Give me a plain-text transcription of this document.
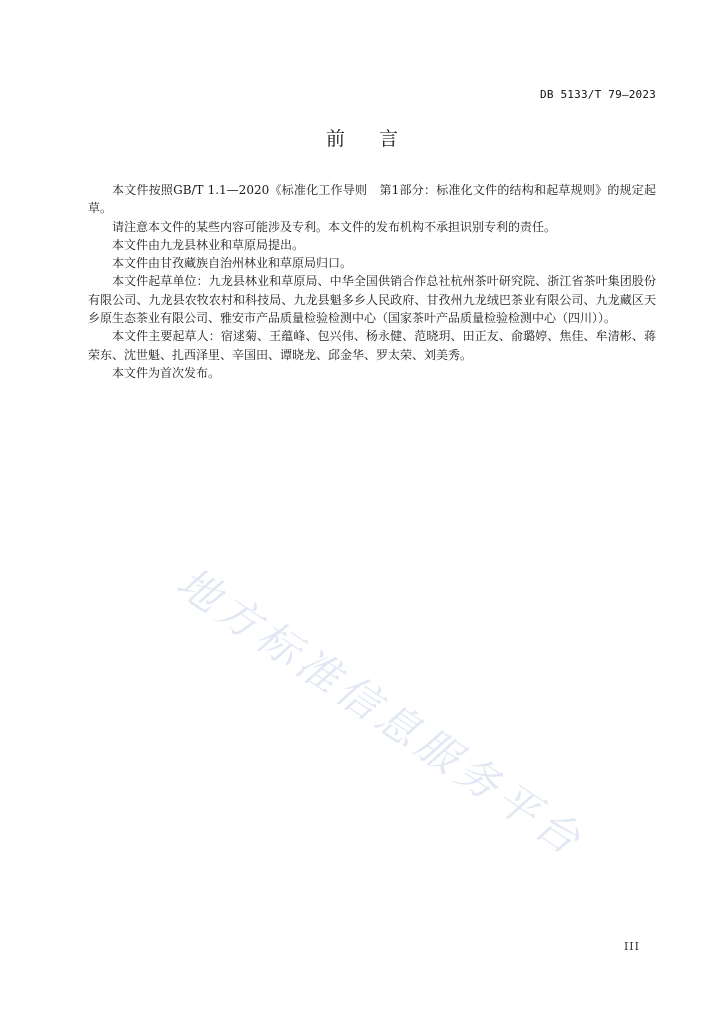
DB 5133/T 79—2023
前言

本文件按照GB/T 1.1—2020《标准化工作导则　第1部分：标准化文件的结构和起草规则》的规定起草。

请注意本文件的某些内容可能涉及专利。本文件的发布机构不承担识别专利的责任。

本文件由九龙县林业和草原局提出。

本文件由甘孜藏族自治州林业和草原局归口。

本文件起草单位：九龙县林业和草原局、中华全国供销合作总社杭州茶叶研究院、浙江省茶叶集团股份有限公司、九龙县农牧农村和科技局、九龙县魁多乡人民政府、甘孜州九龙绒巴茶业有限公司、九龙藏区天乡原生态茶业有限公司、雅安市产品质量检验检测中心（国家茶叶产品质量检验检测中心（四川））。

本文件主要起草人：宿逑菊、王蕴峰、包兴伟、杨永健、范晓玥、田正友、俞璐婷、焦佳、牟清彬、蒋荣东、沈世魁、扎西泽里、辛国田、谭晓龙、邱金华、罗太荣、刘美秀。

本文件为首次发布。

地方标准信息服务平台
III
